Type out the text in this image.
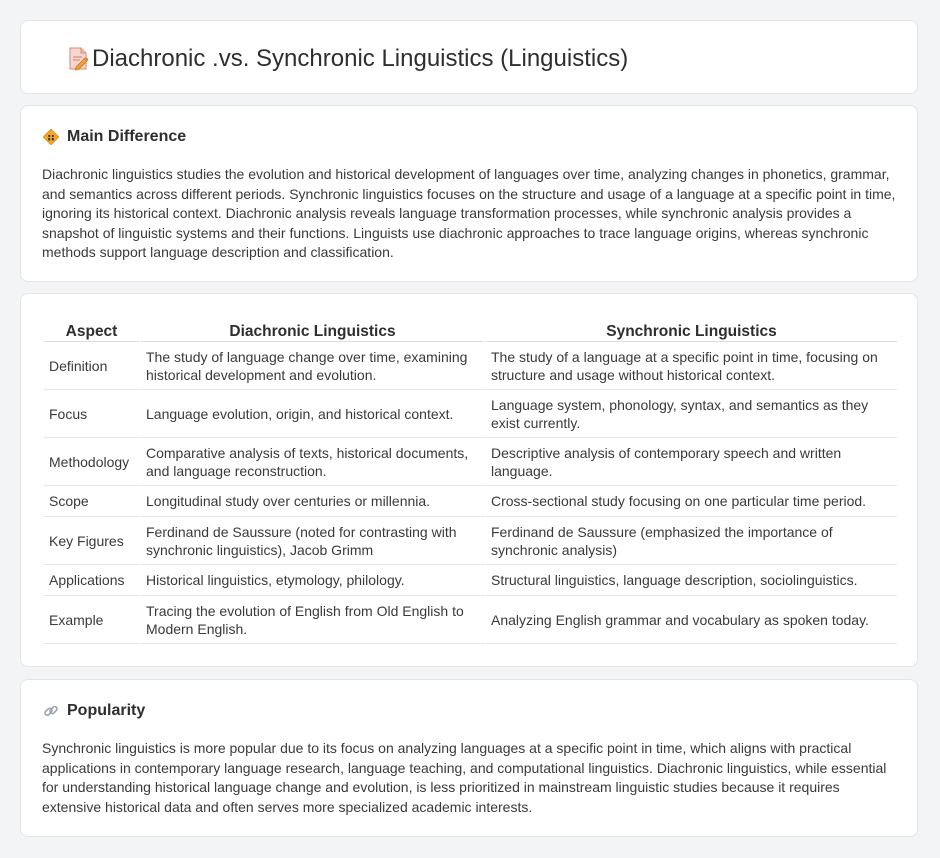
Diachronic .vs. Synchronic Linguistics (Linguistics)
Main Difference

Diachronic linguistics studies the evolution and historical development of languages over time, analyzing changes in phonetics, grammar, and semantics across different periods. Synchronic linguistics focuses on the structure and usage of a language at a specific point in time, ignoring its historical context. Diachronic analysis reveals language transformation processes, while synchronic analysis provides a snapshot of linguistic systems and their functions. Linguists use diachronic approaches to trace language origins, whereas synchronic methods support language description and classification.

Aspect	Diachronic Linguistics	Synchronic Linguistics
Definition	The study of language change over time, examining historical development and evolution.	The study of a language at a specific point in time, focusing on structure and usage without historical context.
Focus	Language evolution, origin, and historical context.	Language system, phonology, syntax, and semantics as they exist currently.
Methodology	Comparative analysis of texts, historical documents, and language reconstruction.	Descriptive analysis of contemporary speech and written language.
Scope	Longitudinal study over centuries or millennia.	Cross-sectional study focusing on one particular time period.
Key Figures	Ferdinand de Saussure (noted for contrasting with synchronic linguistics), Jacob Grimm	Ferdinand de Saussure (emphasized the importance of synchronic analysis)
Applications	Historical linguistics, etymology, philology.	Structural linguistics, language description, sociolinguistics.
Example	Tracing the evolution of English from Old English to Modern English.	Analyzing English grammar and vocabulary as spoken today.
Popularity

Synchronic linguistics is more popular due to its focus on analyzing languages at a specific point in time, which aligns with practical applications in contemporary language research, language teaching, and computational linguistics. Diachronic linguistics, while essential for understanding historical language change and evolution, is less prioritized in mainstream linguistic studies because it requires extensive historical data and often serves more specialized academic interests.
